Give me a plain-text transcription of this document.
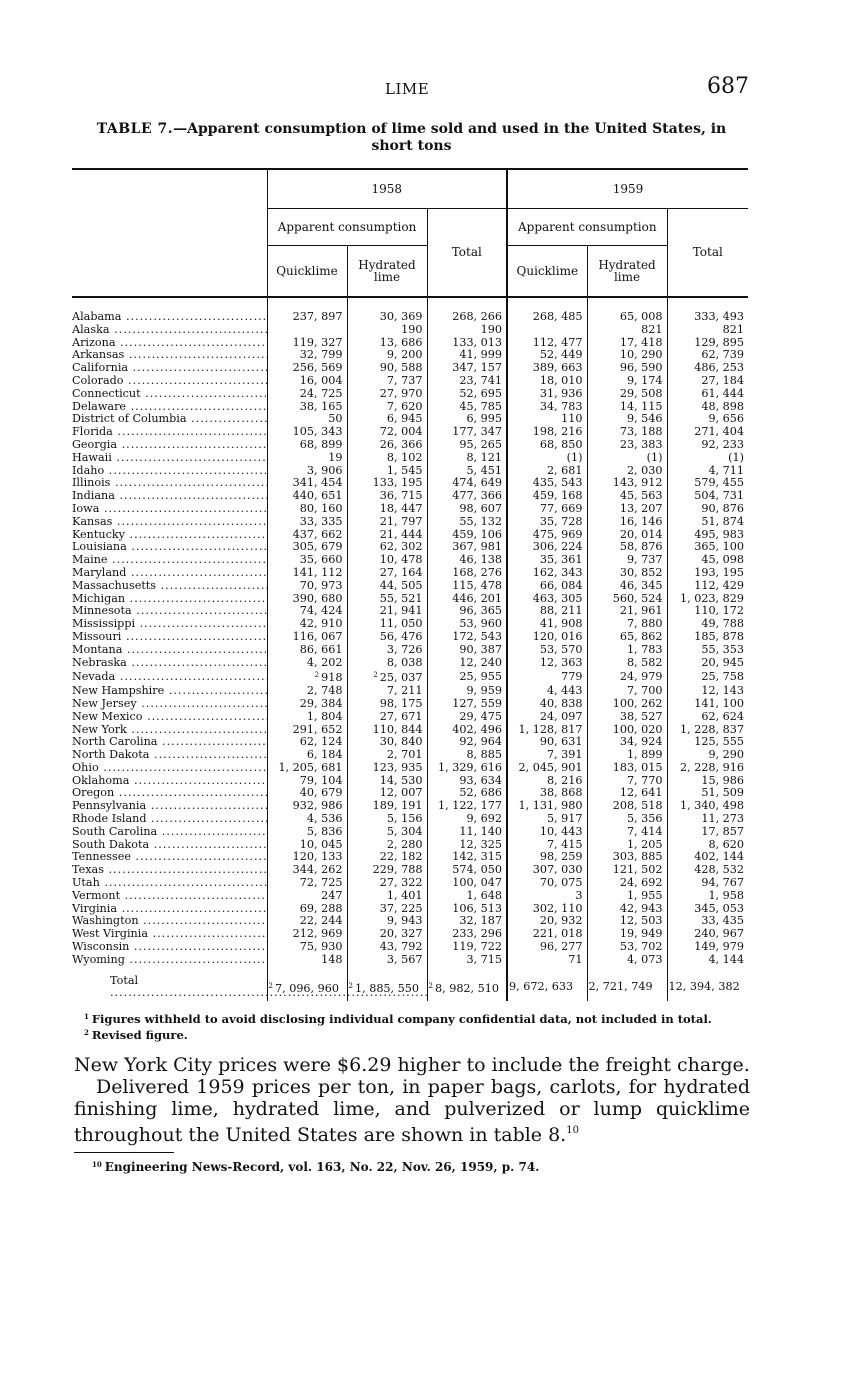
LIME	687
TABLE 7.—Apparent consumption of lime sold and used in the United States, in short tons
	1958			1959		
	Apparent consumption		Total	Apparent consumption		Total
	Quicklime	Hydrated lime		Quicklime	Hydrated lime	
Alabama .....	237, 897	30, 369	268, 266	268, 485	65, 008	333, 493
Alaska .....		190	190		821	821
Arizona .....	119, 327	13, 686	133, 013	112, 477	17, 418	129, 895
Arkansas .....	32, 799	9, 200	41, 999	52, 449	10, 290	62, 739
California .....	256, 569	90, 588	347, 157	389, 663	96, 590	486, 253
Colorado .....	16, 004	7, 737	23, 741	18, 010	9, 174	27, 184
Connecticut .....	24, 725	27, 970	52, 695	31, 936	29, 508	61, 444
Delaware .....	38, 165	7, 620	45, 785	34, 783	14, 115	48, 898
District of Columbia .....	50	6, 945	6, 995	110	9, 546	9, 656
Florida .....	105, 343	72, 004	177, 347	198, 216	73, 188	271, 404
Georgia .....	68, 899	26, 366	95, 265	68, 850	23, 383	92, 233
Hawaii .....	19	8, 102	8, 121	(1)	(1)	(1)
Idaho .....	3, 906	1, 545	5, 451	2, 681	2, 030	4, 711
Illinois .....	341, 454	133, 195	474, 649	435, 543	143, 912	579, 455
Indiana .....	440, 651	36, 715	477, 366	459, 168	45, 563	504, 731
Iowa .....	80, 160	18, 447	98, 607	77, 669	13, 207	90, 876
Kansas .....	33, 335	21, 797	55, 132	35, 728	16, 146	51, 874
Kentucky .....	437, 662	21, 444	459, 106	475, 969	20, 014	495, 983
Louisiana .....	305, 679	62, 302	367, 981	306, 224	58, 876	365, 100
Maine .....	35, 660	10, 478	46, 138	35, 361	9, 737	45, 098
Maryland .....	141, 112	27, 164	168, 276	162, 343	30, 852	193, 195
Massachusetts .....	70, 973	44, 505	115, 478	66, 084	46, 345	112, 429
Michigan .....	390, 680	55, 521	446, 201	463, 305	560, 524	1, 023, 829
Minnesota .....	74, 424	21, 941	96, 365	88, 211	21, 961	110, 172
Mississippi .....	42, 910	11, 050	53, 960	41, 908	7, 880	49, 788
Missouri .....	116, 067	56, 476	172, 543	120, 016	65, 862	185, 878
Montana .....	86, 661	3, 726	90, 387	53, 570	1, 783	55, 353
Nebraska .....	4, 202	8, 038	12, 240	12, 363	8, 582	20, 945
Nevada .....	$^2$ 918	$^2$ 25, 037	25, 955	779	24, 979	25, 758
New Hampshire .....	2, 748	7, 211	9, 959	4, 443	7, 700	12, 143
New Jersey .....	29, 384	98, 175	127, 559	40, 838	100, 262	141, 100
New Mexico .....	1, 804	27, 671	29, 475	24, 097	38, 527	62, 624
New York .....	291, 652	110, 844	402, 496	1, 128, 817	100, 020	1, 228, 837
North Carolina .....	62, 124	30, 840	92, 964	90, 631	34, 924	125, 555
North Dakota .....	6, 184	2, 701	8, 885	7, 391	1, 899	9, 290
Ohio .....	1, 205, 681	123, 935	1, 329, 616	2, 045, 901	183, 015	2, 228, 916
Oklahoma .....	79, 104	14, 530	93, 634	8, 216	7, 770	15, 986
Oregon .....	40, 679	12, 007	52, 686	38, 868	12, 641	51, 509
Pennsylvania .....	932, 986	189, 191	1, 122, 177	1, 131, 980	208, 518	1, 340, 498
Rhode Island .....	4, 536	5, 156	9, 692	5, 917	5, 356	11, 273
South Carolina .....	5, 836	5, 304	11, 140	10, 443	7, 414	17, 857
South Dakota .....	10, 045	2, 280	12, 325	7, 415	1, 205	8, 620
Tennessee .....	120, 133	22, 182	142, 315	98, 259	303, 885	402, 144
Texas .....	344, 262	229, 788	574, 050	307, 030	121, 502	428, 532
Utah .....	72, 725	27, 322	100, 047	70, 075	24, 692	94, 767
Vermont .....	247	1, 401	1, 648	3	1, 955	1, 958
Virginia .....	69, 288	37, 225	106, 513	302, 110	42, 943	345, 053
Washington .....	22, 244	9, 943	32, 187	20, 932	12, 503	33, 435
West Virginia .....	212, 969	20, 327	233, 296	221, 018	19, 949	240, 967
Wisconsin .....	75, 930	43, 792	119, 722	96, 277	53, 702	149, 979
Wyoming .....	148	3, 567	3, 715	71	4, 073	4, 144
Total .....	$^2$ 7, 096, 960	$^2$ 1, 885, 550	$^2$ 8, 982, 510	9, 672, 633	2, 721, 749	12, 394, 382

$^1$ Figures withheld to avoid disclosing individual company confidential data, not included in total.

$^2$ Revised figure.

New York City prices were $6.29 higher to include the freight charge.

Delivered 1959 prices per ton, in paper bags, carlots, for hydrated finishing lime, hydrated lime, and pulverized or lump quicklime throughout the United States are shown in table 8.10

$^{10}$ Engineering News-Record, vol. 163, No. 22, Nov. 26, 1959, p. 74.
